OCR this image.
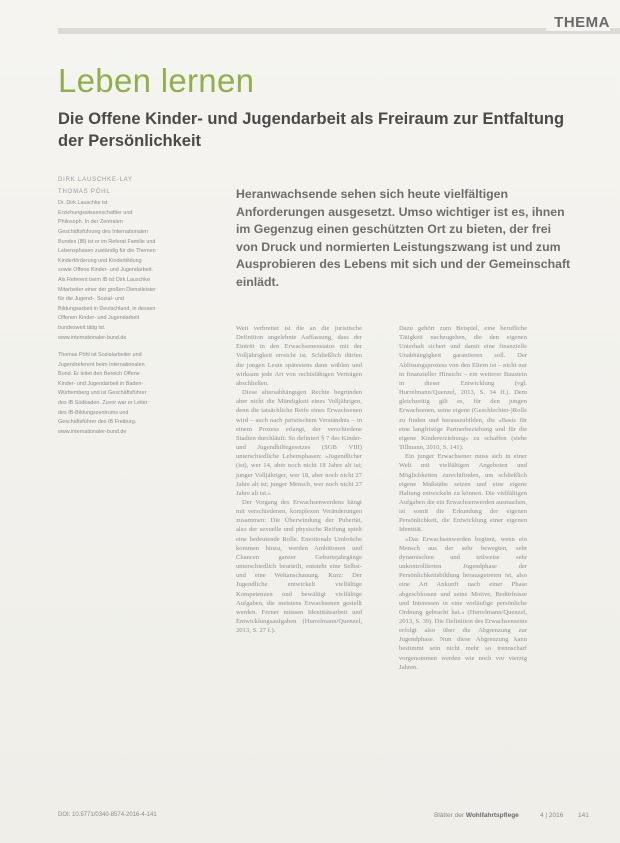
THEMA
Leben lernen
Die Offene Kinder- und Jugendarbeit als Freiraum zur Entfaltung der Persönlichkeit
DIRK LAUSCHKE-LAY
THOMAS PÖHL

Dr. Dirk Lauschke ist Erziehungswissenschaftler und Philosoph. In der Zentralen Geschäftsführung des Internationalen Bundes (IB) ist er im Referat Familie und Lebensphasen zuständig für die Themen Kinderförderung und Kinderbildung sowie Offene Kinder- und Jugendarbeit. Als Referent beim IB ist Dirk Lauschke Mitarbeiter einer der großen Dienstleister für die Jugend-, Sozial- und Bildungsarbeit in Deutschland, in dessen Offenen Kinder- und Jugendarbeit bundesweit tätig ist.
www.internationaler-bund.de

Thomas Pöhl ist Sozialarbeiter und Jugendreferent beim Internationalen Bund. Er leitet den Bereich Offene Kinder- und Jugendarbeit in Baden-Württemberg und ist Geschäftsführer des IB Südbaden. Zuvor war er Leiter des IB-Bildungszentrums und Geschäftsführer des IB Freiburg.
www.internationaler-bund.de

Heranwachsende sehen sich heute vielfältigen Anforderungen ausgesetzt. Umso wichtiger ist es, ihnen im Gegenzug einen geschützten Ort zu bieten, der frei von Druck und normierten Leistungszwang ist und zum Ausprobieren des Lebens mit sich und der Gemeinschaft einlädt.

Weit verbreitet ist die an die juristische Definition angelehnte Auffassung, dass der Eintritt in den Erwachsenenstatus mit der Volljährigkeit erreicht ist. Schließlich dürfen die jungen Leute spätestens dann wählen und wirksam jede Art von rechtsfähigen Verträgen abschließen.

Diese altersabhängigen Rechte begründen aber nicht die Mündigkeit eines Volljährigen, denn die tatsächliche Reife eines Erwachsenen wird – auch nach juristischem Verständnis – in einem Prozess erlangt, der verschiedene Stadien durchläuft: So definiert § 7 des Kinder- und Jugendhilfegesetzes (SGB VIII) unterschiedliche Lebensphasen: »Jugendlicher (ist), wer 14, aber noch nicht 18 Jahre alt ist; junger Volljähriger, wer 18, aber noch nicht 27 Jahre alt ist; junger Mensch, wer noch nicht 27 Jahre alt ist.«

Der Vorgang des Erwachsenwerdens hängt mit verschiedenen, komplexen Veränderungen zusammen: Die Überwindung der Pubertät, also der sexuelle und physische Reifung spielt eine bedeutende Rolle. Emotionale Umbrüche kommen hinzu, werden Ambitionen und Chancen ganzer Geburtsjahrgänge unterschiedlich beurteilt, entsteht eine Selbst- und eine Weltanschauung. Kurz: Der Jugendliche entwickelt vielfältige Kompetenzen und bewältigt vielfältige Aufgaben, die meistens Erwachsenen gestellt werden. Ferner müssen Identitätsarbeit und Entwicklungsaufgaben (Hurrelmann/Quenzel, 2013, S. 27 f.).

Dazu gehört zum Beispiel, eine berufliche Tätigkeit nachzugehen, die den eigenen Unterhalt sichert und damit eine finanzielle Unabhängigkeit garantieren soll. Der Ablösungsprozess von den Eltern ist – nicht nur in finanzieller Hinsicht – ein weiterer Baustein in dieser Entwicklung (vgl. Hurrelmann/Quenzel, 2013, S. 34 ff.). Dem gleichzeitig gilt es, für den jungen Erwachsenen, seine eigene (Geschlechter-)Rolle zu finden und herauszubilden, die »Basis für eine langfristige Partnerbeziehung und für die eigene Kindererziehung« zu schaffen (siehe Tillmann, 2010, S. 141).

Ein junger Erwachsener muss sich in einer Welt mit vielfältigen Angeboten und Möglichkeiten zurechtfinden, um schließlich eigene Maßstäbe setzen und eine eigene Haltung entwickeln zu können. Die vielfältigen Aufgaben die ein Erwachsenwerden ausmachen, ist somit die Erkundung der eigenen Persönlichkeit, die Entwicklung einer eigenen Identität.

»Das Erwachsenwerden beginnt, wenn ein Mensch aus der sehr bewegten, sehr dynamischen und teilweise sehr unkontrollierten Jugendphase der Persönlichkeitsbildung herausgetreten ist, also eine Art Ankunft nach einer Phase abgeschlossen und seine Motive, Bedürfnisse und Interessen in eine vorläufige persönliche Ordnung gebracht hat.« (Hurrelmann/Quenzel, 2013, S. 39). Die Definition des Erwachsenseins erfolgt also über die Abgrenzung zur Jugendphase. Nun diese Abgrenzung kann bestimmt sein nicht mehr so trennscharf vorgenommen werden wie noch vor vierzig Jahren.

DOI: 10.5771/0340-8574-2016-4-141	Blätter der Wohlfahrtspflege	4 | 2016 141
